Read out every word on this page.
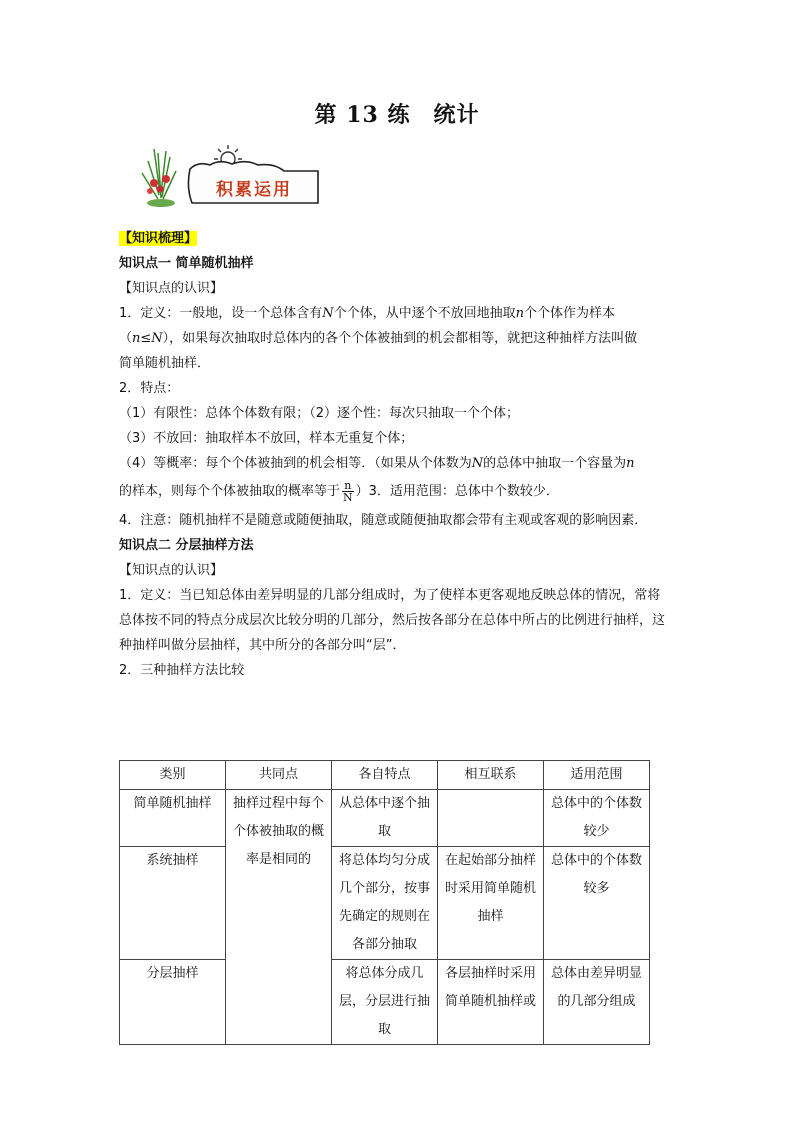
第 13 练　统计
积累运用
【知识梳理】
知识点一 简单随机抽样
【知识点的认识】
1．定义：一般地，设一个总体含有N个个体，从中逐个不放回地抽取n个个体作为样本
（n≤N），如果每次抽取时总体内的各个个体被抽到的机会都相等，就把这种抽样方法叫做
简单随机抽样．
2．特点：
（1）有限性：总体个体数有限；（2）逐个性：每次只抽取一个个体；
（3）不放回：抽取样本不放回，样本无重复个体；
（4）等概率：每个个体被抽到的机会相等．（如果从个体数为N的总体中抽取一个容量为n
的样本，则每个个体被抽取的概率等于 $\frac{n}{N} )3$．适用范围：总体中个数较少．
4．注意：随机抽样不是随意或随便抽取，随意或随便抽取都会带有主观或客观的影响因素．
知识点二 分层抽样方法
【知识点的认识】
1．定义：当已知总体由差异明显的几部分组成时，为了使样本更客观地反映总体的情况，常将总体按不同的特点分成层次比较分明的几部分，然后按各部分在总体中所占的比例进行抽样，这种抽样叫做分层抽样，其中所分的各部分叫“层”．
2．三种抽样方法比较
类别	共同点	各自特点	相互联系	适用范围
简单随机抽样	抽样过程中每个个体被抽取的概率是相同的	从总体中逐个抽取		总体中的个体数较少
系统抽样		将总体均匀分成几个部分，按事先确定的规则在各部分抽取	在起始部分抽样时采用简单随机抽样	总体中的个体数较多
分层抽样		将总体分成几层，分层进行抽取	各层抽样时采用简单随机抽样或	总体由差异明显的几部分组成
